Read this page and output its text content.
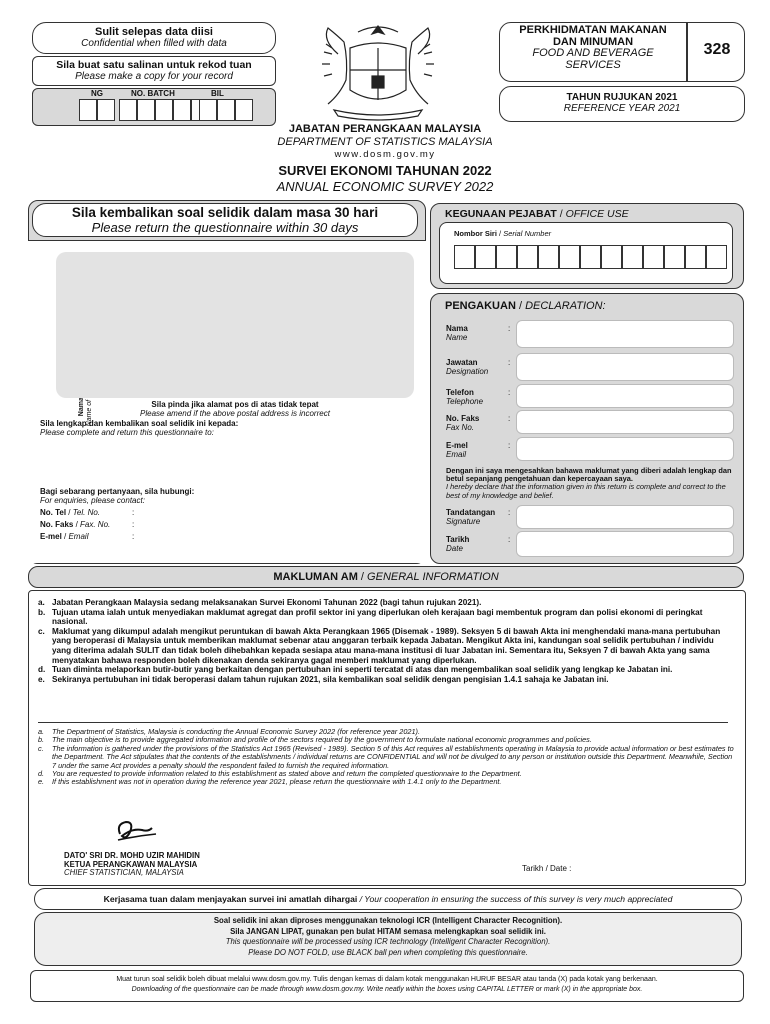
Sulit selepas data diisi
Confidential when filled with data
Sila buat satu salinan untuk rekod tuan
Please make a copy for your record
NG	NO. BATCH	BIL
PERKHIDMATAN MAKANAN
DAN MINUMAN
FOOD AND BEVERAGE
SERVICES
328
TAHUN RUJUKAN 2021
REFERENCE YEAR 2021
JABATAN PERANGKAAN MALAYSIA
DEPARTMENT OF STATISTICS MALAYSIA
www.dosm.gov.my
SURVEI EKONOMI TAHUNAN 2022
ANNUAL ECONOMIC SURVEY 2022
Sila kembalikan soal selidik dalam masa 30 hari
Please return the questionnaire within 30 days
Sila pinda jika alamat pos di atas tidak tepat
Please amend if the above postal address is incorrect
Sila lengkap dan kembalikan soal selidik ini kepada:
Please complete and return this questionnaire to:
Bagi sebarang pertanyaan, sila hubungi:
For enquiries, please contact:
No. Tel / Tel. No.	:
No. Faks / Fax. No.	:
E-mel / Email	:
KEGUNAAN PEJABAT / OFFICE USE
Nombor Siri / Serial Number
PENGAKUAN / DECLARATION:
Nama
Name
:
Jawatan
Designation
:
Telefon
Telephone
:
No. Faks
Fax No.
:
E-mel
Email
:
Dengan ini saya mengesahkan bahawa maklumat yang diberi adalah lengkap dan betul sepanjang pengetahuan dan kepercayaan saya.
I hereby declare that the information given in this return is complete and correct to the best of my knowledge and belief.
Tandatangan
Signature
:
Tarikh
Date
:
MAKLUMAN AM / GENERAL INFORMATION
a. Jabatan Perangkaan Malaysia sedang melaksanakan Survei Ekonomi Tahunan 2022 (bagi tahun rujukan 2021).
b. Tujuan utama ialah untuk menyediakan maklumat agregat dan profil sektor ini yang diperlukan oleh kerajaan bagi membentuk program dan polisi ekonomi di peringkat nasional.
c. Maklumat yang dikumpul adalah mengikut peruntukan di bawah Akta Perangkaan 1965 (Disemak - 1989). Seksyen 5 di bawah Akta ini menghendaki mana-mana pertubuhan yang beroperasi di Malaysia untuk memberikan maklumat sebenar atau anggaran terbaik kepada Jabatan. Mengikut Akta ini, kandungan soal selidik pertubuhan / individu yang diterima adalah SULIT dan tidak boleh dihebahkan kepada sesiapa atau mana-mana institusi di luar Jabatan ini. Sementara itu, Seksyen 7 di bawah Akta yang sama menyatakan bahawa responden boleh dikenakan denda sekiranya gagal memberi maklumat yang diperlukan.
d. Tuan diminta melaporkan butir-butir yang berkaitan dengan pertubuhan ini seperti tercatat di atas dan mengembalikan soal selidik yang lengkap ke Jabatan ini.
e. Sekiranya pertubuhan ini tidak beroperasi dalam tahun rujukan 2021, sila kembalikan soal selidik dengan pengisian 1.4.1 sahaja ke Jabatan ini.
a.	The Department of Statistics, Malaysia is conducting the Annual Economic Survey 2022 (for reference year 2021).
b.	The main objective is to provide aggregated information and profile of the sectors required by the government to formulate national economic programmes and policies.
c.	The information is gathered under the provisions of the Statistics Act 1965 (Revised - 1989). Section 5 of this Act requires all establishments operating in Malaysia to provide actual information or best estimates to the Department. The Act stipulates that the contents of the establishments / individual returns are CONFIDENTIAL and will not be divulged to any person or institution outside this Department. Meanwhile, Section 7 under the same Act provides a penalty should the respondent failed to furnish the required information.
d.	You are requested to provide information related to this establishment as stated above and return the completed questionnaire to the Department.
e.	If this establishment was not in operation during the reference year 2021, please return the questionnaire with 1.4.1 only to the Department.
DATO' SRI DR. MOHD UZIR MAHIDIN
KETUA PERANGKAWAN MALAYSIA
CHIEF STATISTICIAN, MALAYSIA	Tarikh / Date :
Kerjasama tuan dalam menjayakan survei ini amatlah dihargai / Your cooperation in ensuring the success of this survey is very much appreciated
Soal selidik ini akan diproses menggunakan teknologi ICR (Intelligent Character Recognition).
Sila JANGAN LIPAT, gunakan pen bulat HITAM semasa melengkapkan soal selidik ini.
This questionnaire will be processed using ICR technology (Intelligent Character Recognition).
Please DO NOT FOLD, use BLACK ball pen when completing this questionnaire.
Muat turun soal selidik boleh dibuat melalui www.dosm.gov.my. Tulis dengan kemas di dalam kotak menggunakan HURUF BESAR atau tanda (X) pada kotak yang berkenaan.
Downloading of the questionnaire can be made through www.dosm.gov.my. Write neatly within the boxes using CAPITAL LETTER or mark (X) in the appropriate box.
